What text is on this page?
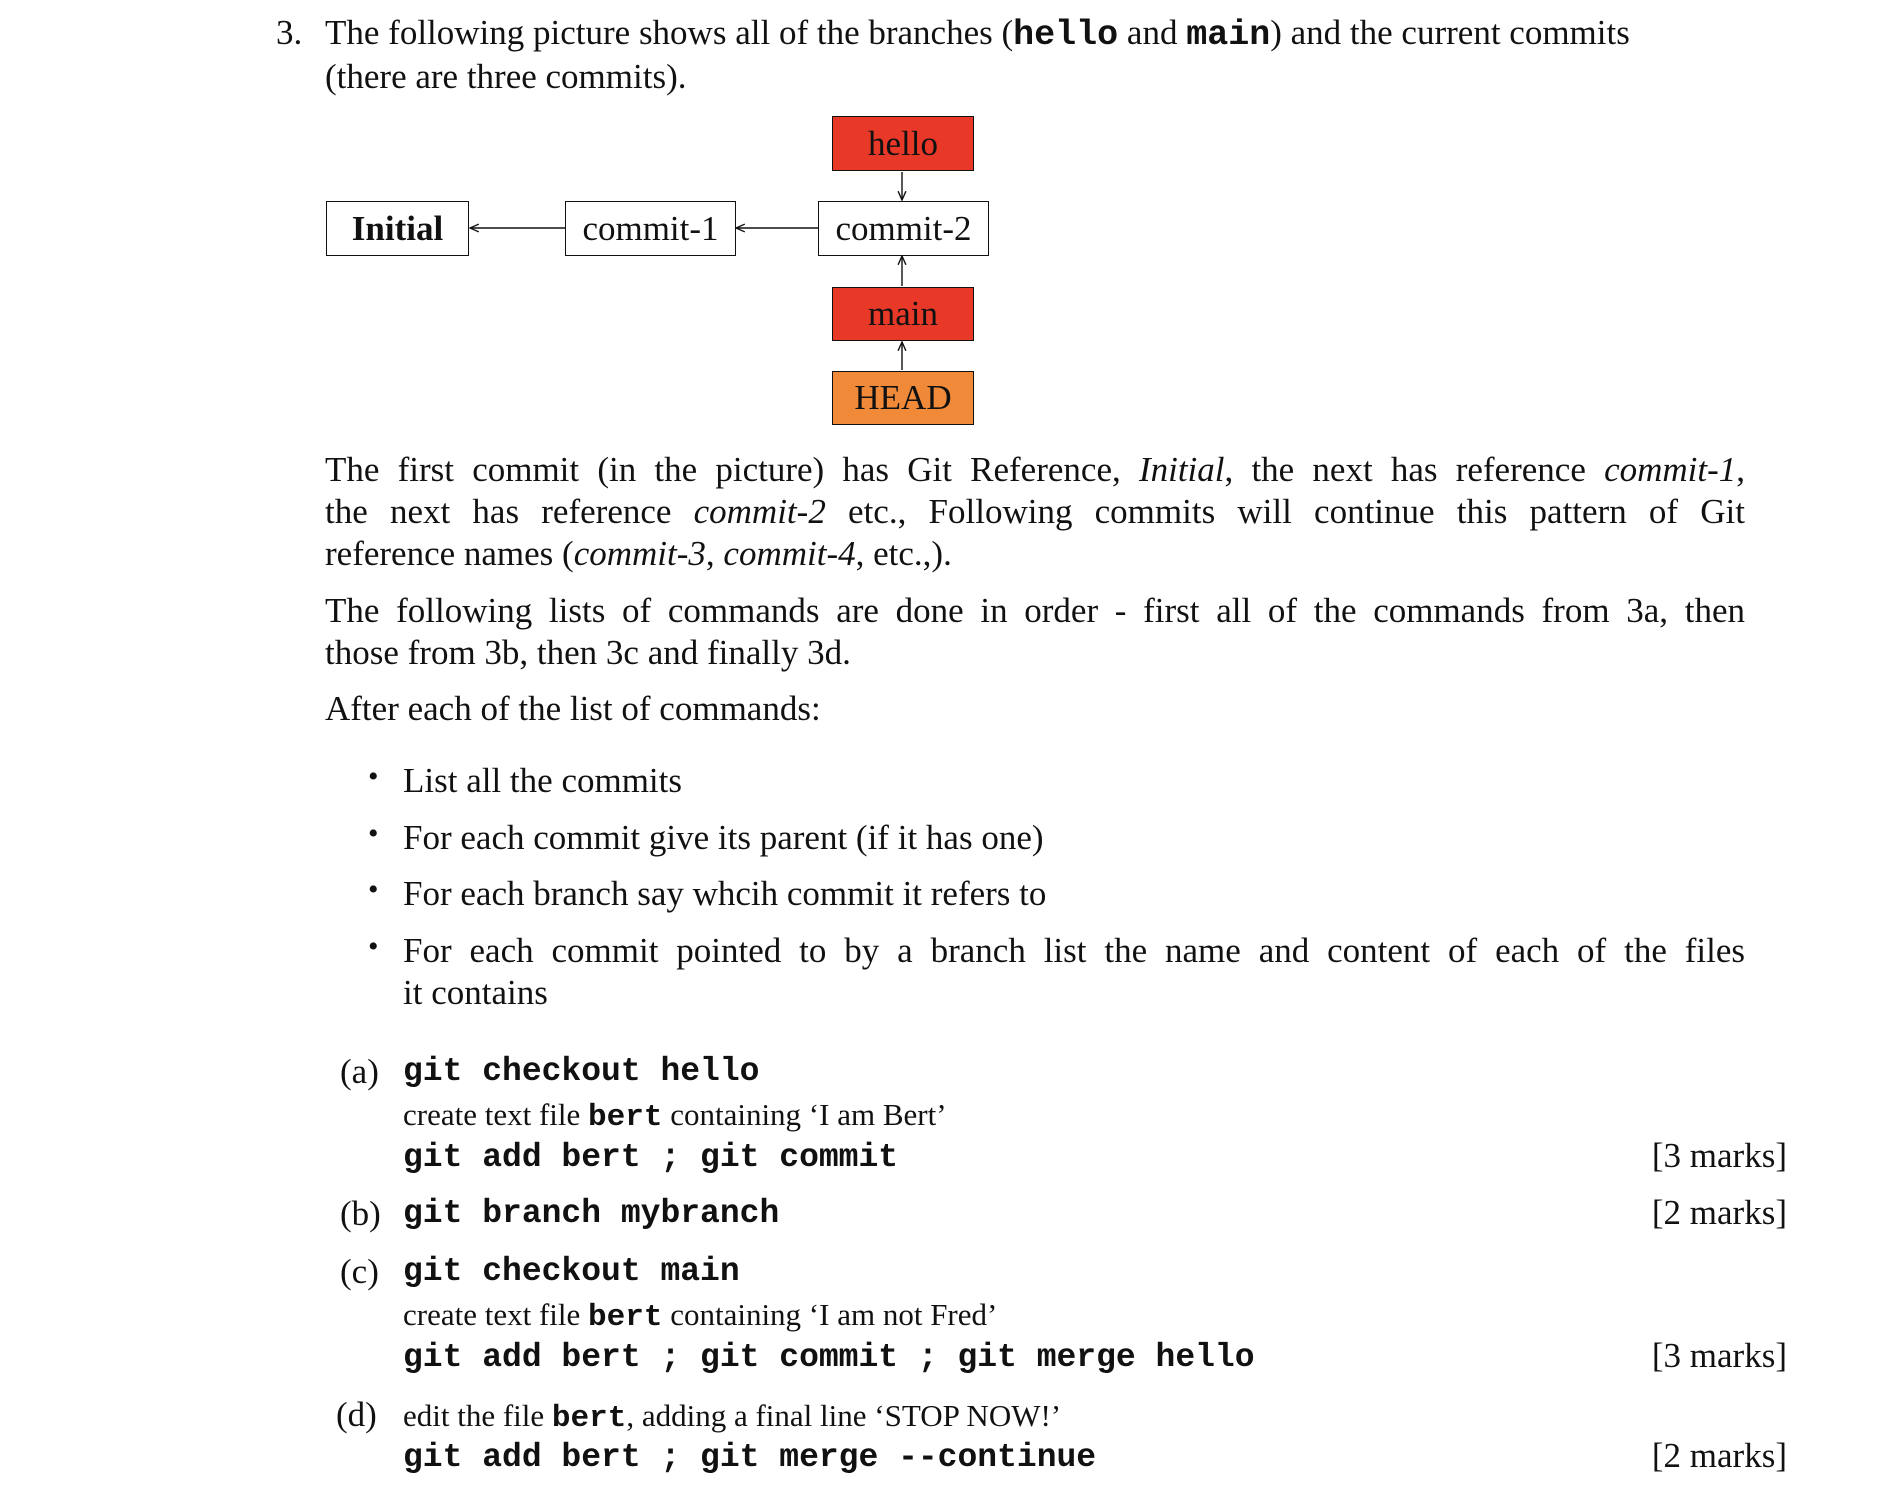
3. The following picture shows all of the branches (hello and main) and the current commits
(there are three commits).
hello
Initial	commit-1	commit-2
main
HEAD
The first commit (in the picture) has Git Reference, Initial, the next has reference commit-1,
the next has reference commit-2 etc., Following commits will continue this pattern of Git
reference names (commit-3, commit-4, etc.,).
The following lists of commands are done in order - first all of the commands from 3a, then
those from 3b, then 3c and finally 3d.
After each of the list of commands:
• List all the commits
• For each commit give its parent (if it has one)
• For each branch say whcih commit it refers to
• For each commit pointed to by a branch list the name and content of each of the files
it contains
(a) git checkout hello
create text file bert containing ‘I am Bert’
git add bert ; git commit	[3 marks]
(b) git branch mybranch	[2 marks]
(c) git checkout main
create text file bert containing ‘I am not Fred’
git add bert ; git commit ; git merge hello	[3 marks]
(d) edit the file bert, adding a final line ‘STOP NOW!’
git add bert ; git merge --continue	[2 marks]
